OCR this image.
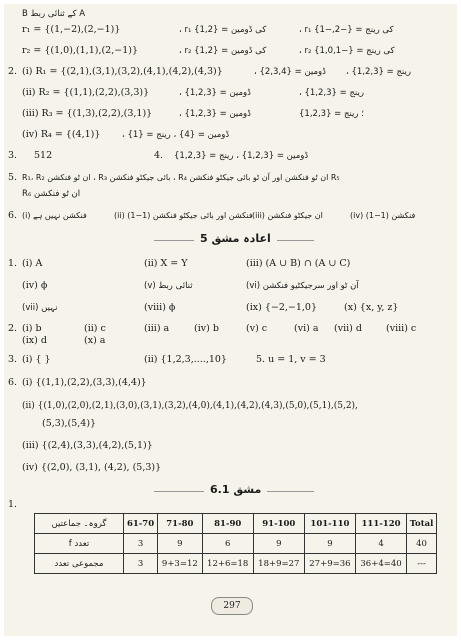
B کے ثنائی ربط A
r₁ = {(1,−2),(2,−1)}	، r₁ کی ڈومین = {1,2}	، r₁ کی رینج = {−2,−1}
r₂ = {(1,0),(1,1),(2,−1)}	، r₂ کی ڈومین = {1,2}	، r₂ کی رینج = {−1,0,1}
2. (i) R₁ = {(2,1),(3,1),(3,2),(4,1),(4,2),(4,3)}	، ڈومین = {2,3,4} ، رینج = {1,2,3}
(ii) R₂ = {(1,1),(2,2),(3,3)}	، ڈومین = {1,2,3}	، رینج = {1,2,3}
(iii) R₃ = {(1,3),(2,2),(3,1)}	، ڈومین = {1,2,3}	؛ رینج = {1,2,3}
(iv) R₄ = {(4,1)}	، ڈومین = {4} ، رینج = {1}
3. 512	4. ڈومین = {1,2,3} ، رینج = {1,2,3}
5. R₁، R₂ ان ٹو فنکشن ، R₃ بائی جیکٹو فنکشن ، R₄ ان ٹو فنکشن اور آن ٹو بائی جیکٹو فنکشن R₅
R₆ ان ٹو فنکشن
6. (i) فنکشن نہیں ہے	(ii) (1−1) فنکشن اور بائی جیکٹو فنکشن (iii) ان جیکٹو فنکشن	(iv) (1−1) فنکشن
اعادہ مشق 5
1. (i) A	(ii) X = Y	(iii) (A ∪ B) ∩ (A ∪ C)
(iv) ϕ	(v) ثنائی ربط	(vi) آن ٹو اور سرجیکٹیو فنکشن
(vii) نہیں	(viii) ϕ	(ix) {−2,−1,0}	(x) {x, y, z}
2. (i) b	(ii) c	(iii) a	(iv) b	(v) c	(vi) a (vii) d	(viii) c
(ix) d	(x) a
3. (i) { }	(ii) {1,2,3,....,10}	5. u = 1, v = 3
6. (i) {(1,1),(2,2),(3,3),(4,4)}
(ii) {(1,0),(2,0),(2,1),(3,0),(3,1),(3,2),(4,0),(4,1),(4,2),(4,3),(5,0),(5,1),(5,2),
(5,3),(5,4)}
(iii) {(2,4),(3,3),(4,2),(5,1)}
(iv) {(2,0), (3,1), (4,2), (5,3)}
مشق 6.1
1.
گروہ۔ جماعتیں	61-70	71-80	81-90	91-100	101-110	111-120	Total
f تعدد	3	9	6	9	9	4	40
مجموعی تعدد	3	9+3=12	12+6=18	18+9=27	27+9=36	36+4=40	---
297
